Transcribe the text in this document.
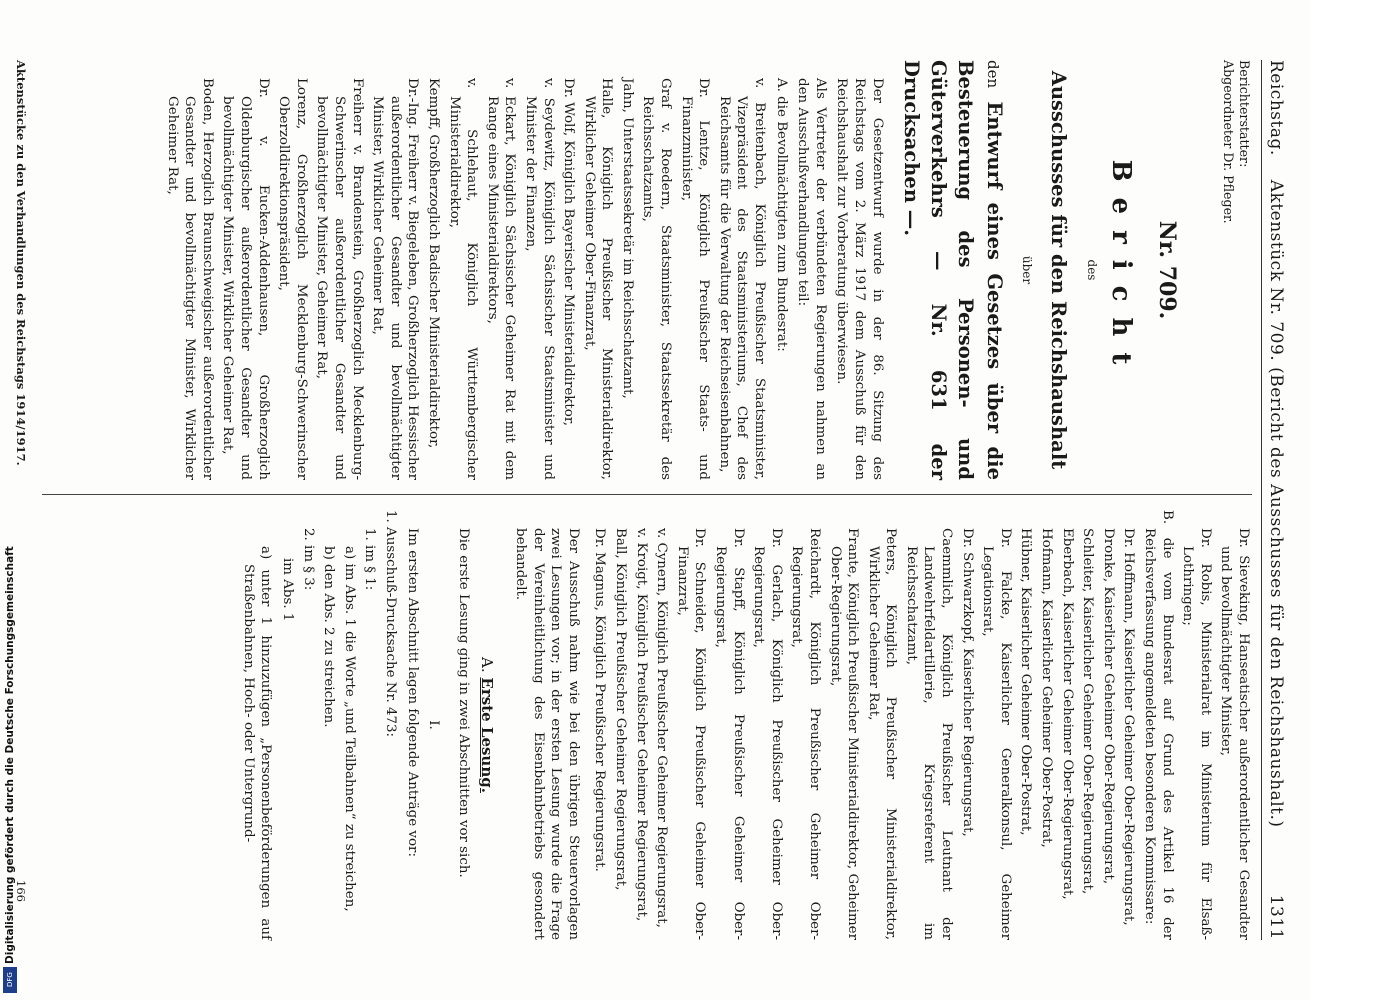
Reichstag.
Aktenstück Nr. 709. (Bericht des Ausschusses für den Reichshaushalt.)
1311
Berichterstatter:
Abgeordneter Dr. Pfleger.
Nr. 709.
Bericht
des
Ausschusses für den Reichshaushalt
über
den Entwurf eines Gesetzes über die Besteuerung des Personen- und Güterverkehrs — Nr. 631 der Drucksachen —.

Der Gesetzentwurf wurde in der 86. Sitzung des Reichstags vom 2. März 1917 dem Ausschuß für den Reichshaushalt zur Vorberatung überwiesen.

Als Vertreter der verbündeten Regierungen nahmen an den Ausschußverhandlungen teil:

A. die Bevollmächtigten zum Bundesrat:

v. Breitenbach, Königlich Preußischer Staatsminister, Vizepräsident des Staatsministeriums, Chef des Reichsamts für die Verwaltung der Reichseisenbahnen,

Dr. Lentze, Königlich Preußischer Staats- und Finanzminister,

Graf v. Roedern, Staatsminister, Staatssekretär des Reichsschatzamts,

Jahn, Unterstaatssekretär im Reichsschatzamt,

Halle, Königlich Preußischer Ministerialdirektor, Wirklicher Geheimer Ober-Finanzrat,

Dr. Wolf, Königlich Bayerischer Ministerialdirektor,

v. Seydewitz, Königlich Sächsischer Staatsminister und Minister der Finanzen,

v. Eckart, Königlich Sächsischer Geheimer Rat mit dem Range eines Ministerialdirektors,

v. Schlehaut, Königlich Württembergischer Ministerialdirektor,

Kempff, Großherzoglich Badischer Ministerialdirektor,

Dr.-Ing. Freiherr v. Biegeleben, Großherzoglich Hessischer außerordentlicher Gesandter und bevollmächtigter Minister, Wirklicher Geheimer Rat,

Freiherr v. Brandenstein, Großherzoglich Mecklenburg-Schwerinscher außerordentlicher Gesandter und bevollmächtigter Minister, Geheimer Rat,

Lorenz, Großherzoglich Mecklenburg-Schwerinscher Oberzolldirektionspräsident,

Dr. v. Eucken-Addenhausen, Großherzoglich Oldenburgischer außerordentlicher Gesandter und bevollmächtigter Minister, Wirklicher Geheimer Rat,

Boden, Herzoglich Braunschweigischer außerordentlicher Gesandter und bevollmächtigter Minister, Wirklicher Geheimer Rat,

Dr. Sieveking, Hanseatischer außerordentlicher Gesandter und bevollmächtigter Minister,

Dr. Robis, Ministerialrat im Ministerium für Elsaß-Lothringen;

B. die vom Bundesrat auf Grund des Artikel 16 der Reichsverfassung angemeldeten besonderen Kommissare:

Dr. Hoffmann, Kaiserlicher Geheimer Ober-Regierungsrat,

Dronke, Kaiserlicher Geheimer Ober-Regierungsrat,

Schleiter, Kaiserlicher Geheimer Ober-Regierungsrat,

Eberbach, Kaiserlicher Geheimer Ober-Regierungsrat,

Hofmann, Kaiserlicher Geheimer Ober-Postrat,

Hübner, Kaiserlicher Geheimer Ober-Postrat,

Dr. Falcke, Kaiserlicher Generalkonsul, Geheimer Legationsrat,

Dr. Schwarzkopf, Kaiserlicher Regierungsrat,

Caemmlich, Königlich Preußischer Leutnant der Landwehrfeldartillerie, Kriegsreferent im Reichsschatzamt,

Peters, Königlich Preußischer Ministerialdirektor, Wirklicher Geheimer Rat,

Frante, Königlich Preußischer Ministerialdirektor, Geheimer Ober-Regierungsrat,

Reichardt, Königlich Preußischer Geheimer Ober-Regierungsrat,

Dr. Gerlach, Königlich Preußischer Geheimer Ober-Regierungsrat,

Dr. Stapff, Königlich Preußischer Geheimer Ober-Regierungsrat,

Dr. Schneider, Königlich Preußischer Geheimer Ober-Finanzrat,

v. Cynern, Königlich Preußischer Geheimer Regierungsrat,

v. Kroigt, Königlich Preußischer Geheimer Regierungsrat,

Ball, Königlich Preußischer Geheimer Regierungsrat,

Dr. Magnus, Königlich Preußischer Regierungsrat.

Der Ausschuß nahm wie bei den übrigen Steuervorlagen zwei Lesungen vor; in der ersten Lesung wurde die Frage der Vereinheitlichung des Eisenbahnbetriebs gesondert behandelt.

A. Erste Lesung.

Die erste Lesung ging in zwei Abschnitten vor sich.

I.

Im ersten Abschnitt lagen folgende Anträge vor:

1. Ausschuß-Drucksache Nr. 473:

1. im § 1:

a) im Abs. 1 die Worte „und Teilbahnen“ zu streichen,

b) den Abs. 2 zu streichen.

2. im § 3:

im Abs. 1

a) unter 1 hinzuzufügen „Personenbeförderungen auf Straßenbahnen, Hoch- oder Untergrund-

Aktenstücke zu den Verhandlungen des Reichstags 1914/1917.
166
Digitalisierung gefördert durch die Deutsche Forschungsgemeinschaft
DFG
